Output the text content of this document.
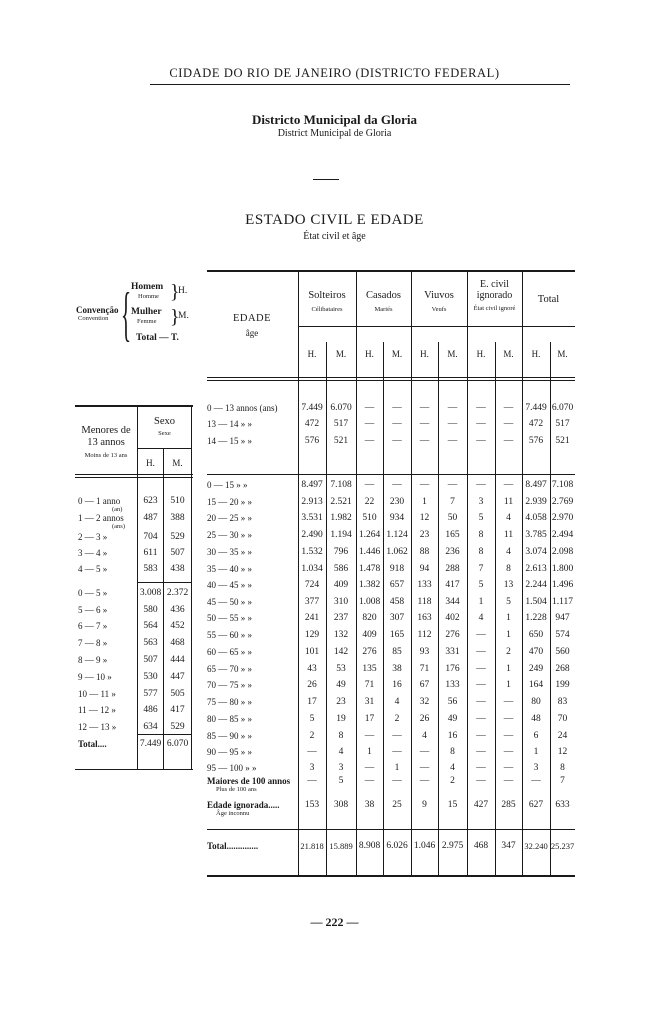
CIDADE DO RIO DE JANEIRO (DISTRICTO FEDERAL)
Districto Municipal da Gloria
District Municipal de Gloria
ESTADO CIVIL E EDADE
État civil et âge
Convenção
Convention { Homem
Homme }
H.
Mulher
Femme }
M.
Total — T.
Menores de 13 annos
Moins de 13 ans
Sexo
Sexe
H.	M.
0 — 1 anno
(an)
623	510
1 — 2 annos
(ans)
487	388
2 — 3 »	704	529
3 — 4 »	611	507
4 — 5 »	583	438
0 — 5 »	3.008 2.372
5 — 6 »	580	436
6 — 7 »	564	452
7 — 8 »	563	468
8 — 9 »	507	444
9 — 10 »	530	447
10 — 11 »	577	505
11 — 12 »	486	417
12 — 13 »	634	529
Total....	7.449 6.070
EDADE
âge
Solteiros
Célibataires
Casados
Mariés
Viuvos
Veufs
E. civil ignorado
État civil ignoré
Total
H.	M.	H.	M.	H.	M.	H.	M.	H.	M.
0 — 13 annos (ans)	7.449 6.070	—	—	—	—	—	—	7.449 6.070
13 — 14 » »	472	517	—	—	—	—	—	—	472	517
14 — 15 » »	576	521	—	—	—	—	—	—	576	521
0 — 15 » »	8.497 7.108	—	—	—	—	—	—	8.497 7.108
15 — 20 » »	2.913 2.521	22	230	1	7	3	11	2.939 2.769
20 — 25 » »	3.531 1.982	510	934	12	50	5	4	4.058 2.970
25 — 30 » »	2.490 1.194 1.264 1.124	23	165	8	11	3.785 2.494
30 — 35 » »	1.532	796	1.446 1.062	88	236	8	4	3.074 2.098
35 — 40 » »	1.034	586	1.478	918	94	288	7	8	2.613 1.800
40 — 45 » »	724	409	1.382	657	133	417	5	13	2.244 1.496
45 — 50 » »	377	310	1.008	458	118	344	1	5	1.504 1.117
50 — 55 » »	241	237	820	307	163	402	4	1	1.228 947
55 — 60 » »	129	132	409	165	112	276	—	1	650	574
60 — 65 » »	101	142	276	85	93	331	—	2	470	560
65 — 70 » »	43	53	135	38	71	176	—	1	249	268
70 — 75 » »	26	49	71	16	67	133	—	1	164	199
75 — 80 » »	17	23	31	4	32	56	—	—	80	83
80 — 85 » »	5	19	17	2	26	49	—	—	48	70
85 — 90 » »	2	8	—	—	4	16	—	—	6	24
90 — 95 » »	—	4	1	—	—	8	—	—	1	12
95 — 100 » »	3	3	—	1	—	4	—	—	3	8
Maiores de 100 annos
Plus de 100 ans
—	5	—	—	—	2	—	—	—	7
Edade ignorada.....
Âge inconnu
153	308	38	25	9	15	427	285	627	633
Total..............	21.818 15.889 8.908 6.026 1.046 2.975	468	347	32.240 25.237
— 222 —
